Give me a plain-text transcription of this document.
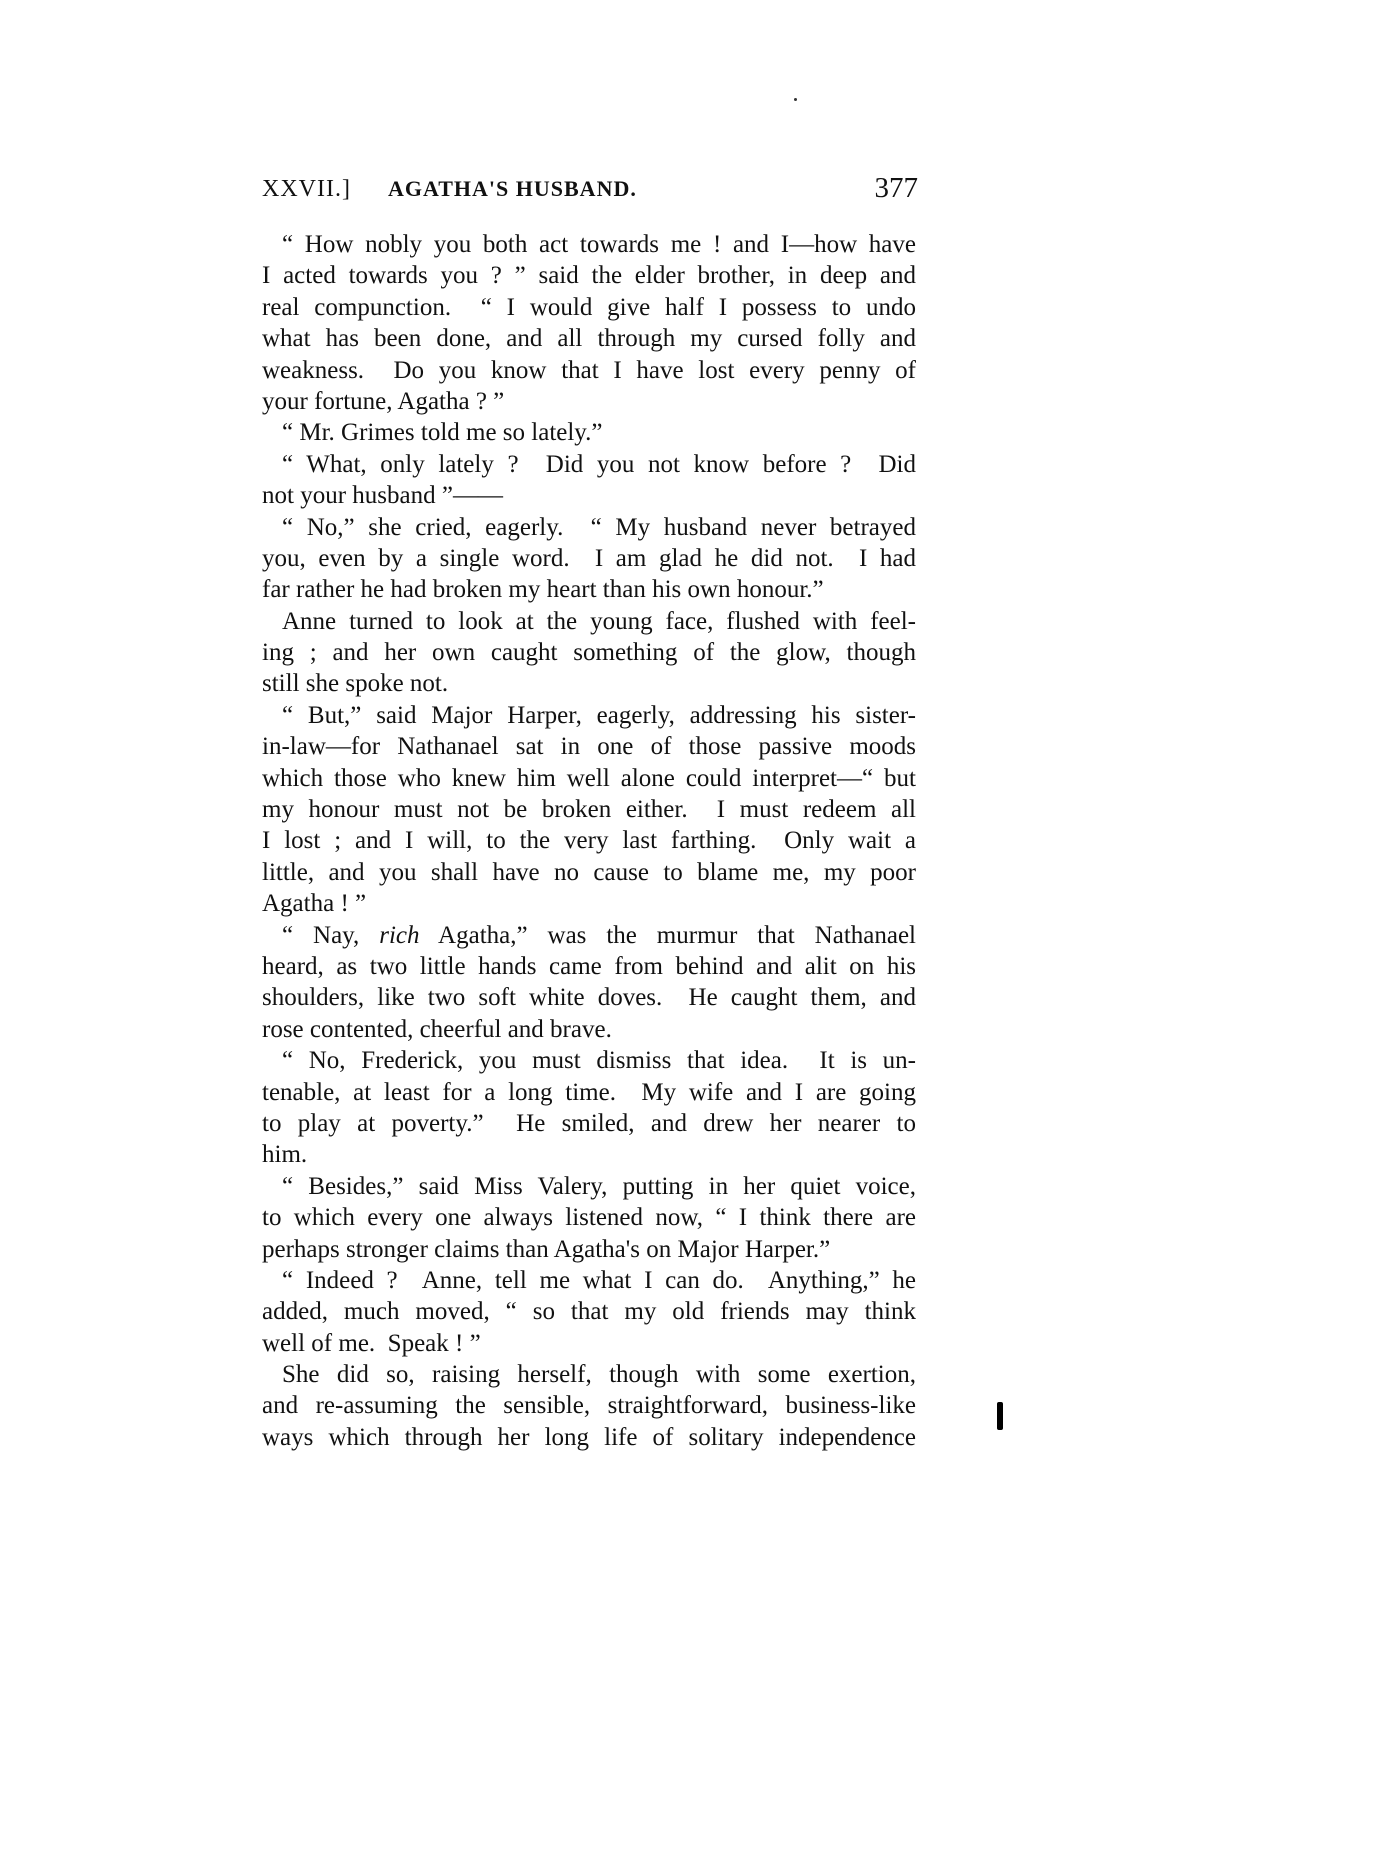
XXVII.] AGATHA'S HUSBAND.	377
“ How nobly you both act towards me ! and I—how have
I acted towards you ? ” said the elder brother, in deep and
real compunction.  “ I would give half I possess to undo
what has been done, and all through my cursed folly and
weakness.  Do you know that I have lost every penny of
your fortune, Agatha ? ”
“ Mr. Grimes told me so lately.”
“ What, only lately ?  Did you not know before ?  Did
not your husband ”——
“ No,” she cried, eagerly.  “ My husband never betrayed
you, even by a single word.  I am glad he did not.  I had
far rather he had broken my heart than his own honour.”
Anne turned to look at the young face, flushed with feel-
ing ; and her own caught something of the glow, though
still she spoke not.
“ But,” said Major Harper, eagerly, addressing his sister-
in-law—for Nathanael sat in one of those passive moods
which those who knew him well alone could interpret—“ but
my honour must not be broken either.  I must redeem all
I lost ; and I will, to the very last farthing.  Only wait a
little, and you shall have no cause to blame me, my poor
Agatha ! ”
“ Nay, rich Agatha,” was the murmur that Nathanael
heard, as two little hands came from behind and alit on his
shoulders, like two soft white doves.  He caught them, and
rose contented, cheerful and brave.
“ No, Frederick, you must dismiss that idea.  It is un-
tenable, at least for a long time.  My wife and I are going
to play at poverty.”  He smiled, and drew her nearer to
him.
“ Besides,” said Miss Valery, putting in her quiet voice,
to which every one always listened now, “ I think there are
perhaps stronger claims than Agatha's on Major Harper.”
“ Indeed ?  Anne, tell me what I can do.  Anything,” he
added, much moved, “ so that my old friends may think
well of me.  Speak ! ”
She did so, raising herself, though with some exertion,
and re-assuming the sensible, straightforward, business-like
ways which through her long life of solitary independence
